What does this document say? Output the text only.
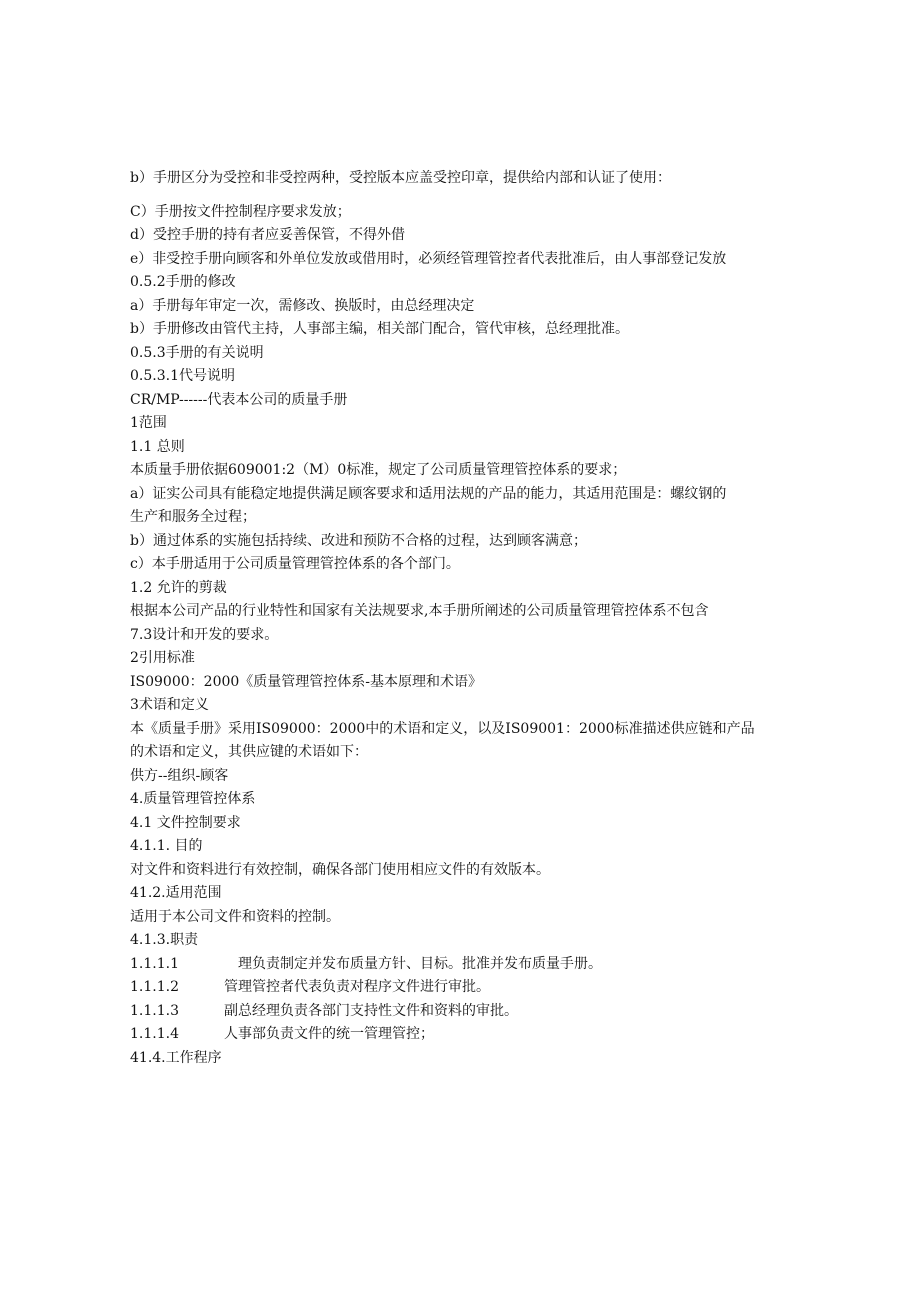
b）手册区分为受控和非受控两种，受控版本应盖受控印章，提供给内部和认证了使用：
C）手册按文件控制程序要求发放；
d）受控手册的持有者应妥善保管，不得外借
e）非受控手册向顾客和外单位发放或借用时，必须经管理管控者代表批准后，由人事部登记发放
0.5.2手册的修改
a）手册每年审定一次，需修改、换版时，由总经理决定
b）手册修改由管代主持，人事部主编，相关部门配合，管代审核，总经理批准。
0.5.3手册的有关说明
0.5.3.1代号说明
CR/MP------代表本公司的质量手册
1范围
1.1 总则
本质量手册依据609001:2（M）0标准，规定了公司质量管理管控体系的要求；
a）证实公司具有能稳定地提供满足顾客要求和适用法规的产品的能力，其适用范围是：螺纹钢的
生产和服务全过程；
b）通过体系的实施包括持续、改进和预防不合格的过程，达到顾客满意；
c）本手册适用于公司质量管理管控体系的各个部门。
1.2 允许的剪裁
根据本公司产品的行业特性和国家有关法规要求,本手册所阐述的公司质量管理管控体系不包含
7.3设计和开发的要求。
2引用标准
IS09000：2000《质量管理管控体系-基本原理和术语》
3术语和定义
本《质量手册》采用IS09000：2000中的术语和定义，以及IS09001：2000标准描述供应链和产品
的术语和定义，其供应键的术语如下：
供方--组织-顾客
4.质量管理管控体系
4.1 文件控制要求
4.1.1. 目的
对文件和资料进行有效控制，确保各部门使用相应文件的有效版本。
41.2.适用范围
适用于本公司文件和资料的控制。
4.1.3.职责
1.1.1.1	理负责制定并发布质量方针、目标。批准并发布质量手册。
1.1.1.2	管理管控者代表负责对程序文件进行审批。
1.1.1.3	副总经理负责各部门支持性文件和资料的审批。
1.1.1.4	人事部负责文件的统一管理管控；
41.4.工作程序
